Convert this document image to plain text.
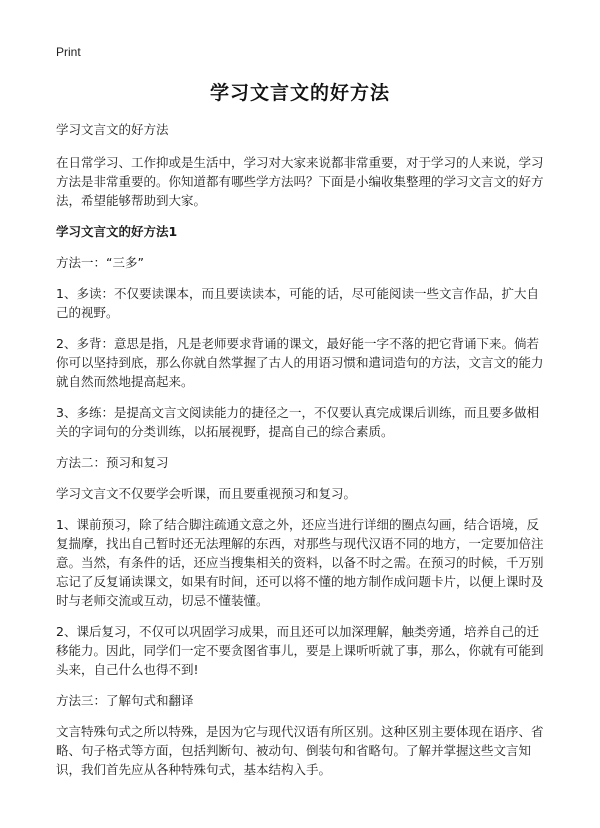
Print
学习文言文的好方法

学习文言文的好方法

在日常学习、工作抑或是生活中，学习对大家来说都非常重要，对于学习的人来说，学习方法是非常重要的。你知道都有哪些学方法吗？下面是小编收集整理的学习文言文的好方法，希望能够帮助到大家。

学习文言文的好方法1

方法一：“三多”

1、多读：不仅要读课本，而且要读读本，可能的话，尽可能阅读一些文言作品，扩大自己的视野。

2、多背：意思是指，凡是老师要求背诵的课文，最好能一字不落的把它背诵下来。倘若你可以坚持到底，那么你就自然掌握了古人的用语习惯和遣词造句的方法，文言文的能力就自然而然地提高起来。

3、多练：是提高文言文阅读能力的捷径之一，不仅要认真完成课后训练，而且要多做相关的字词句的分类训练，以拓展视野，提高自己的综合素质。

方法二：预习和复习

学习文言文不仅要学会听课，而且要重视预习和复习。

1、课前预习，除了结合脚注疏通文意之外，还应当进行详细的圈点勾画，结合语境，反复揣摩，找出自己暂时还无法理解的东西，对那些与现代汉语不同的地方，一定要加倍注意。当然，有条件的话，还应当搜集相关的资料，以备不时之需。在预习的时候，千万别忘记了反复诵读课文，如果有时间，还可以将不懂的地方制作成问题卡片，以便上课时及时与老师交流或互动，切忌不懂装懂。

2、课后复习，不仅可以巩固学习成果，而且还可以加深理解，触类旁通，培养自己的迁移能力。因此，同学们一定不要贪图省事儿，要是上课听听就了事，那么，你就有可能到头来，自己什么也得不到!

方法三：了解句式和翻译

文言特殊句式之所以特殊，是因为它与现代汉语有所区别。这种区别主要体现在语序、省略、句子格式等方面，包括判断句、被动句、倒装句和省略句。了解并掌握这些文言知识，我们首先应从各种特殊句式，基本结构入手。
